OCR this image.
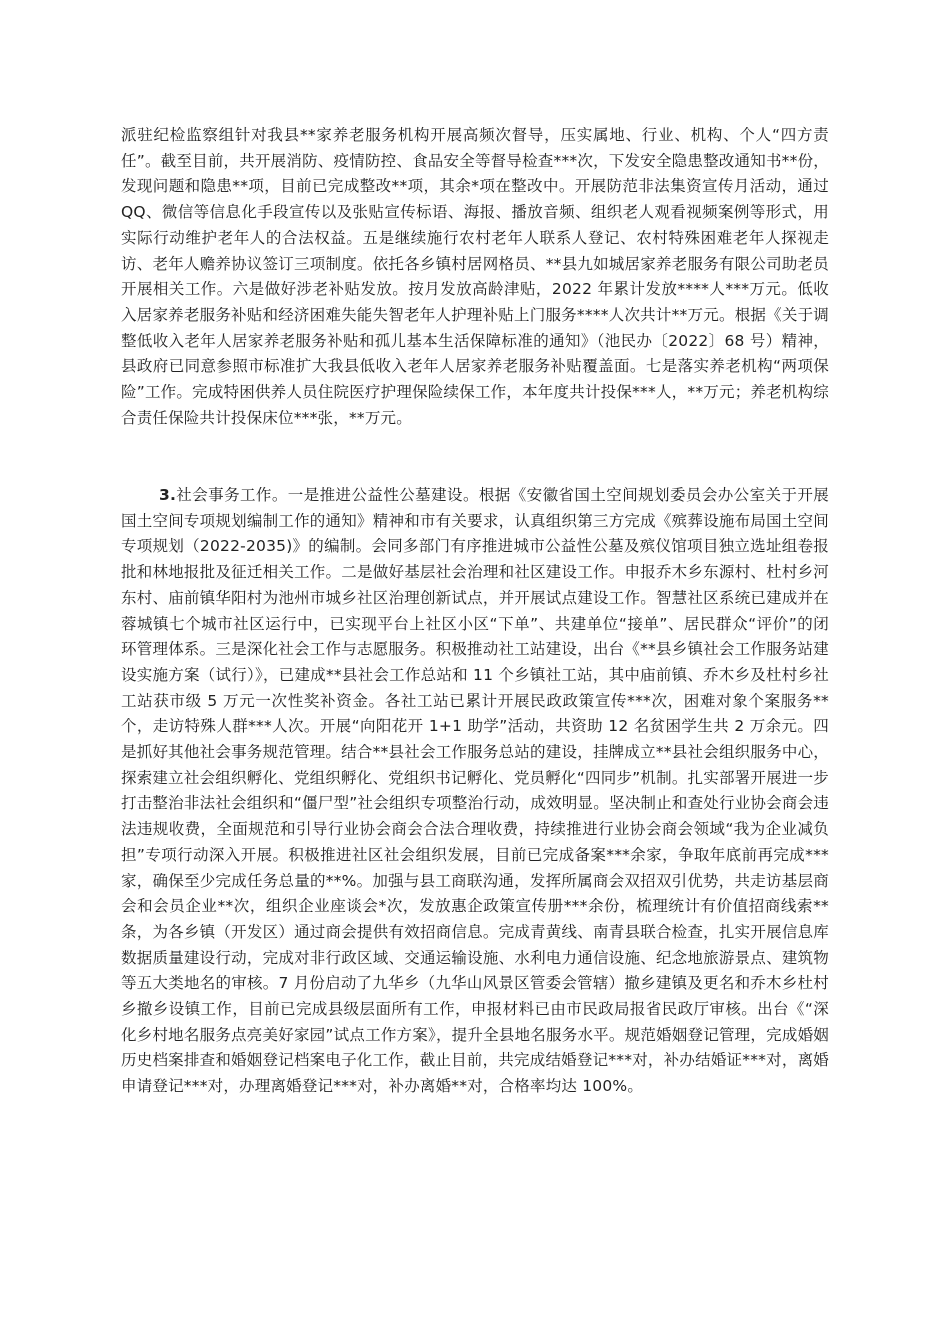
派驻纪检监察组针对我县**家养老服务机构开展高频次督导，压实属地、行业、机构、个人“四方责任”。截至目前，共开展消防、疫情防控、食品安全等督导检查***次，下发安全隐患整改通知书**份，发现问题和隐患**项，目前已完成整改**项，其余*项在整改中。开展防范非法集资宣传月活动，通过 QQ、微信等信息化手段宣传以及张贴宣传标语、海报、播放音频、组织老人观看视频案例等形式，用实际行动维护老年人的合法权益。五是继续施行农村老年人联系人登记、农村特殊困难老年人探视走访、老年人赡养协议签订三项制度。依托各乡镇村居网格员、**县九如城居家养老服务有限公司助老员开展相关工作。六是做好涉老补贴发放。按月发放高龄津贴，2022 年累计发放****人***万元。低收入居家养老服务补贴和经济困难失能失智老年人护理补贴上门服务****人次共计**万元。根据《关于调整低收入老年人居家养老服务补贴和孤儿基本生活保障标准的通知》（池民办〔2022〕68 号）精神，县政府已同意参照市标准扩大我县低收入老年人居家养老服务补贴覆盖面。七是落实养老机构“两项保险”工作。完成特困供养人员住院医疗护理保险续保工作，本年度共计投保***人，**万元；养老机构综合责任保险共计投保床位***张，**万元。

3.社会事务工作。一是推进公益性公墓建设。根据《安徽省国土空间规划委员会办公室关于开展国土空间专项规划编制工作的通知》精神和市有关要求，认真组织第三方完成《殡葬设施布局国土空间专项规划（2022-2035)》的编制。会同多部门有序推进城市公益性公墓及殡仪馆项目独立选址组卷报批和林地报批及征迁相关工作。二是做好基层社会治理和社区建设工作。申报乔木乡东源村、杜村乡河东村、庙前镇华阳村为池州市城乡社区治理创新试点，并开展试点建设工作。智慧社区系统已建成并在蓉城镇七个城市社区运行中，已实现平台上社区小区“下单”、共建单位“接单”、居民群众“评价”的闭环管理体系。三是深化社会工作与志愿服务。积极推动社工站建设，出台《**县乡镇社会工作服务站建设实施方案（试行）》，已建成**县社会工作总站和 11 个乡镇社工站，其中庙前镇、乔木乡及杜村乡社工站获市级 5 万元一次性奖补资金。各社工站已累计开展民政政策宣传***次，困难对象个案服务**个，走访特殊人群***人次。开展“向阳花开 1+1 助学”活动，共资助 12 名贫困学生共 2 万余元。四是抓好其他社会事务规范管理。结合**县社会工作服务总站的建设，挂牌成立**县社会组织服务中心，探索建立社会组织孵化、党组织孵化、党组织书记孵化、党员孵化“四同步”机制。扎实部署开展进一步打击整治非法社会组织和“僵尸型”社会组织专项整治行动，成效明显。坚决制止和查处行业协会商会违法违规收费，全面规范和引导行业协会商会合法合理收费，持续推进行业协会商会领域“我为企业减负担”专项行动深入开展。积极推进社区社会组织发展，目前已完成备案***余家，争取年底前再完成***家，确保至少完成任务总量的**%。加强与县工商联沟通，发挥所属商会双招双引优势，共走访基层商会和会员企业**次，组织企业座谈会*次，发放惠企政策宣传册***余份，梳理统计有价值招商线索**条，为各乡镇（开发区）通过商会提供有效招商信息。完成青黄线、南青县联合检查，扎实开展信息库数据质量建设行动，完成对非行政区域、交通运输设施、水利电力通信设施、纪念地旅游景点、建筑物等五大类地名的审核。7 月份启动了九华乡（九华山风景区管委会管辖）撤乡建镇及更名和乔木乡杜村乡撤乡设镇工作，目前已完成县级层面所有工作，申报材料已由市民政局报省民政厅审核。出台《“深化乡村地名服务点亮美好家园”试点工作方案》，提升全县地名服务水平。规范婚姻登记管理，完成婚姻历史档案排查和婚姻登记档案电子化工作，截止目前，共完成结婚登记***对，补办结婚证***对，离婚申请登记***对，办理离婚登记***对，补办离婚**对，合格率均达 100%。
